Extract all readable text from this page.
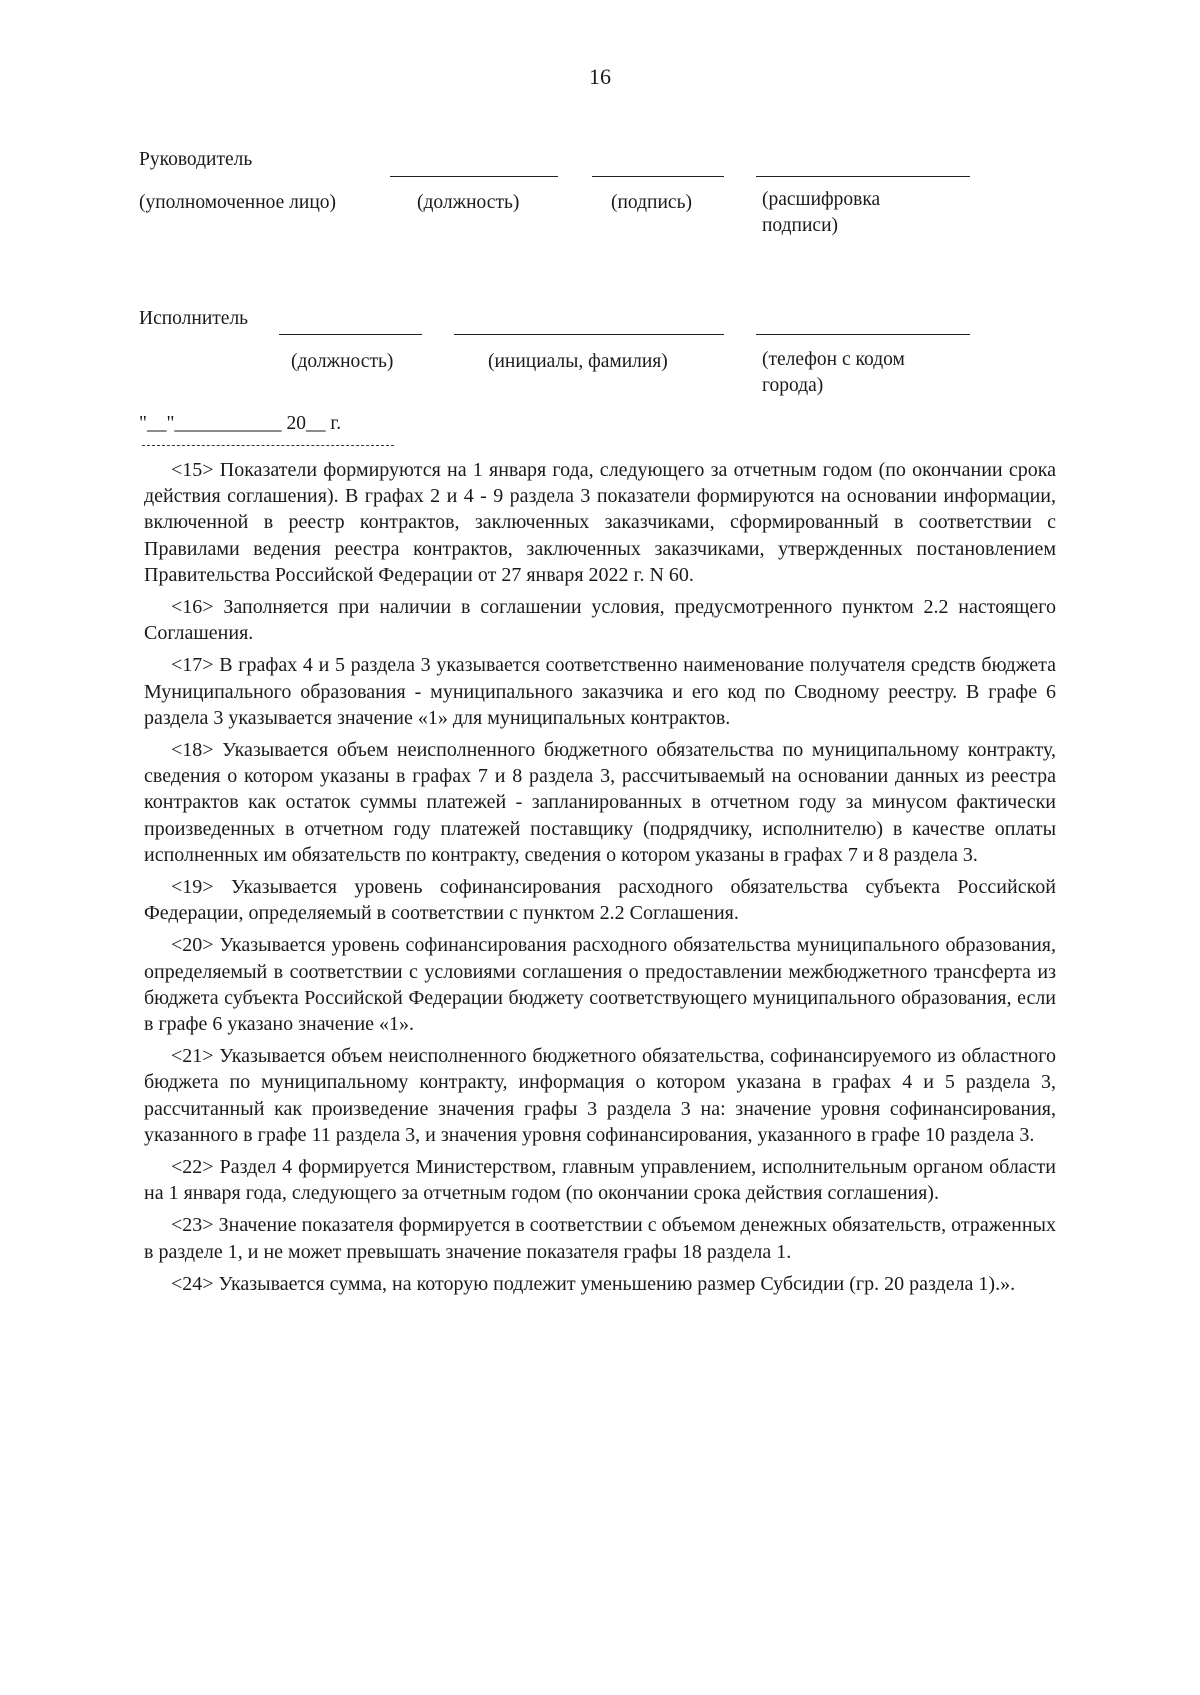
16
Руководитель
(уполномоченное лицо)	(должность)	(подпись)	(расшифровка
подписи)
Исполнитель
(должность)	(инициалы, фамилия)	(телефон с кодом
города)
"__"___________ 20__ г.

<15> Показатели формируются на 1 января года, следующего за отчетным годом (по окончании срока действия соглашения). В графах 2 и 4 - 9 раздела 3 показатели формируются на основании информации, включенной в реестр контрактов, заключенных заказчиками, сформированный в соответствии с Правилами ведения реестра контрактов, заключенных заказчиками, утвержденных постановлением Правительства Российской Федерации от 27 января 2022 г. N 60.

<16> Заполняется при наличии в соглашении условия, предусмотренного пунктом 2.2 настоящего Соглашения.

<17> В графах 4 и 5 раздела 3 указывается соответственно наименование получателя средств бюджета Муниципального образования - муниципального заказчика и его код по Сводному реестру. В графе 6 раздела 3 указывается значение «1» для муниципальных контрактов.

<18> Указывается объем неисполненного бюджетного обязательства по муниципальному контракту, сведения о котором указаны в графах 7 и 8 раздела 3, рассчитываемый на основании данных из реестра контрактов как остаток суммы платежей - запланированных в отчетном году за минусом фактически произведенных в отчетном году платежей поставщику (подрядчику, исполнителю) в качестве оплаты исполненных им обязательств по контракту, сведения о котором указаны в графах 7 и 8 раздела 3.

<19> Указывается уровень софинансирования расходного обязательства субъекта Российской Федерации, определяемый в соответствии с пунктом 2.2 Соглашения.

<20> Указывается уровень софинансирования расходного обязательства муниципального образования, определяемый в соответствии с условиями соглашения о предоставлении межбюджетного трансферта из бюджета субъекта Российской Федерации бюджету соответствующего муниципального образования, если в графе 6 указано значение «1».

<21> Указывается объем неисполненного бюджетного обязательства, софинансируемого из областного бюджета по муниципальному контракту, информация о котором указана в графах 4 и 5 раздела 3, рассчитанный как произведение значения графы 3 раздела 3 на: значение уровня софинансирования, указанного в графе 11 раздела 3, и значения уровня софинансирования, указанного в графе 10 раздела 3.

<22> Раздел 4 формируется Министерством, главным управлением, исполнительным органом области на 1 января года, следующего за отчетным годом (по окончании срока действия соглашения).

<23> Значение показателя формируется в соответствии с объемом денежных обязательств, отраженных в разделе 1, и не может превышать значение показателя графы 18 раздела 1.

<24> Указывается сумма, на которую подлежит уменьшению размер Субсидии (гр. 20 раздела 1).».
